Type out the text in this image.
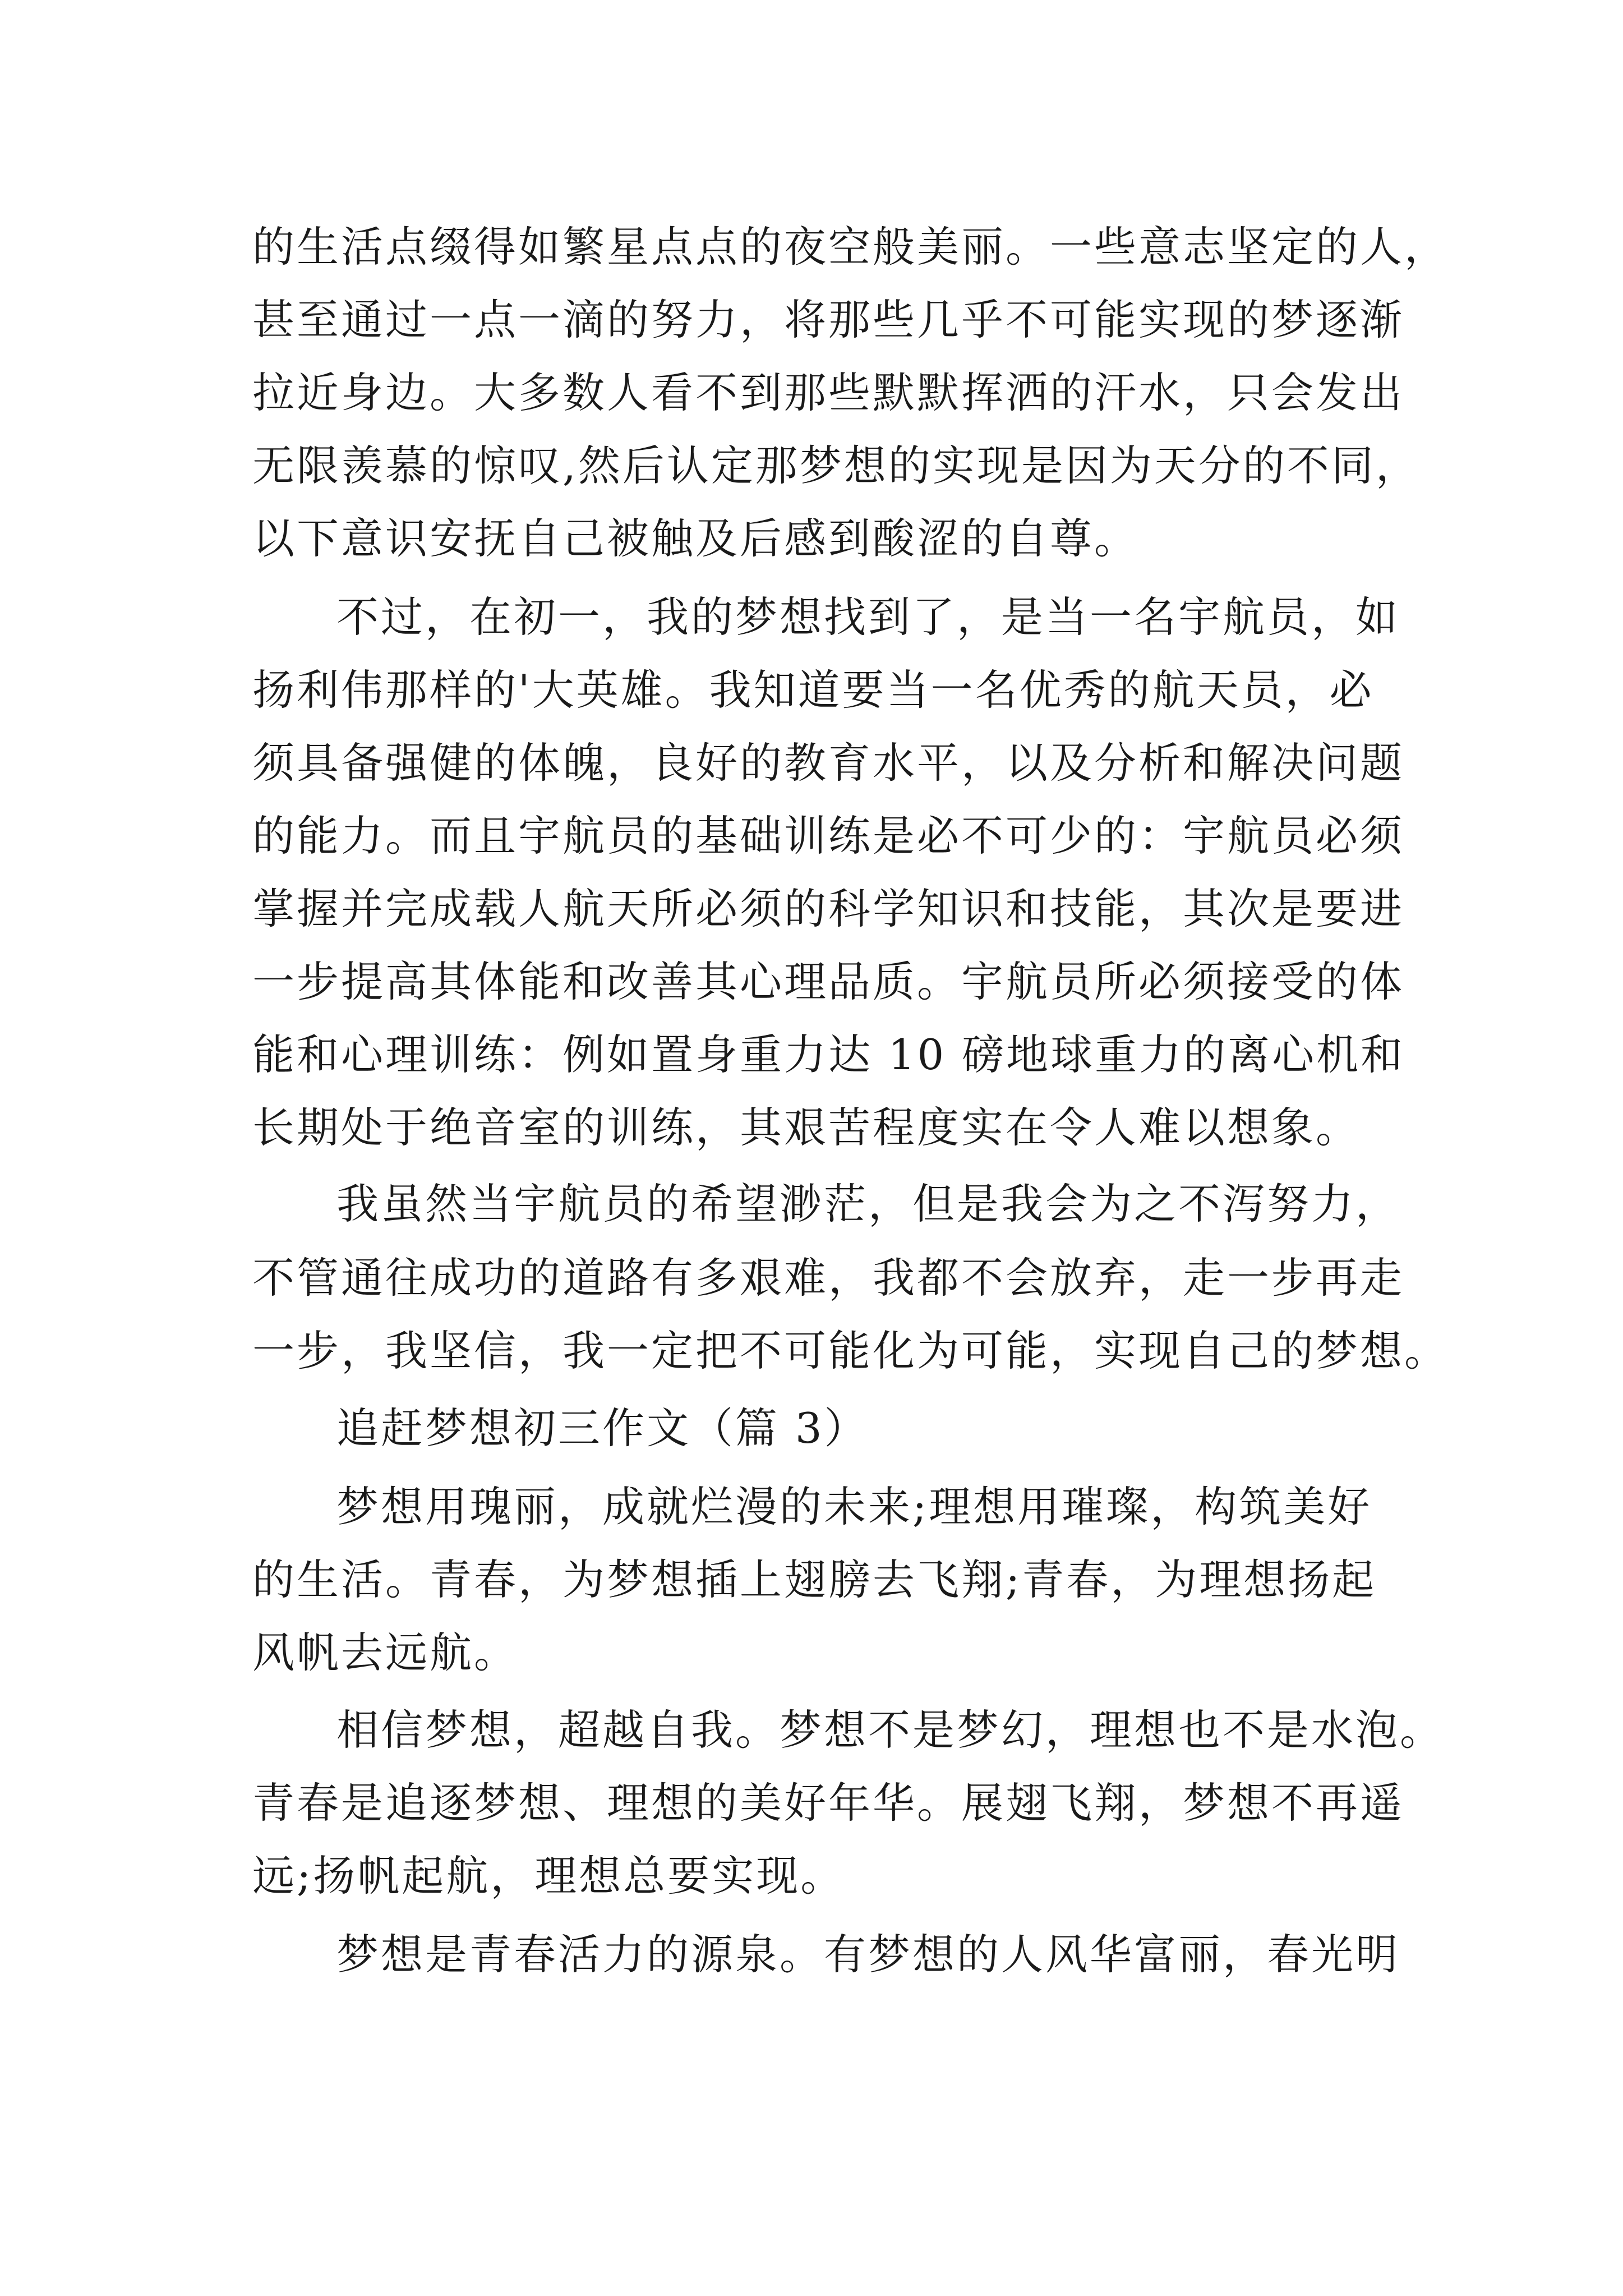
的生活点缀得如繁星点点的夜空般美丽。一些意志坚定的人，
甚至通过一点一滴的努力，将那些几乎不可能实现的梦逐渐
拉近身边。大多数人看不到那些默默挥洒的汗水，只会发出
无限羡慕的惊叹,然后认定那梦想的实现是因为天分的不同，
以下意识安抚自己被触及后感到酸涩的自尊。
不过，在初一，我的梦想找到了，是当一名宇航员，如
扬利伟那样的'大英雄。我知道要当一名优秀的航天员，必
须具备强健的体魄，良好的教育水平，以及分析和解决问题
的能力。而且宇航员的基础训练是必不可少的：宇航员必须
掌握并完成载人航天所必须的科学知识和技能，其次是要进
一步提高其体能和改善其心理品质。宇航员所必须接受的体
能和心理训练：例如置身重力达 10 磅地球重力的离心机和
长期处于绝音室的训练，其艰苦程度实在令人难以想象。
我虽然当宇航员的希望渺茫，但是我会为之不泻努力，
不管通往成功的道路有多艰难，我都不会放弃，走一步再走
一步，我坚信，我一定把不可能化为可能，实现自己的梦想。
追赶梦想初三作文（篇 3）
梦想用瑰丽，成就烂漫的未来;理想用璀璨，构筑美好
的生活。青春，为梦想插上翅膀去飞翔;青春，为理想扬起
风帆去远航。
相信梦想，超越自我。梦想不是梦幻，理想也不是水泡。
青春是追逐梦想、理想的美好年华。展翅飞翔，梦想不再遥
远;扬帆起航，理想总要实现。
梦想是青春活力的源泉。有梦想的人风华富丽，春光明
